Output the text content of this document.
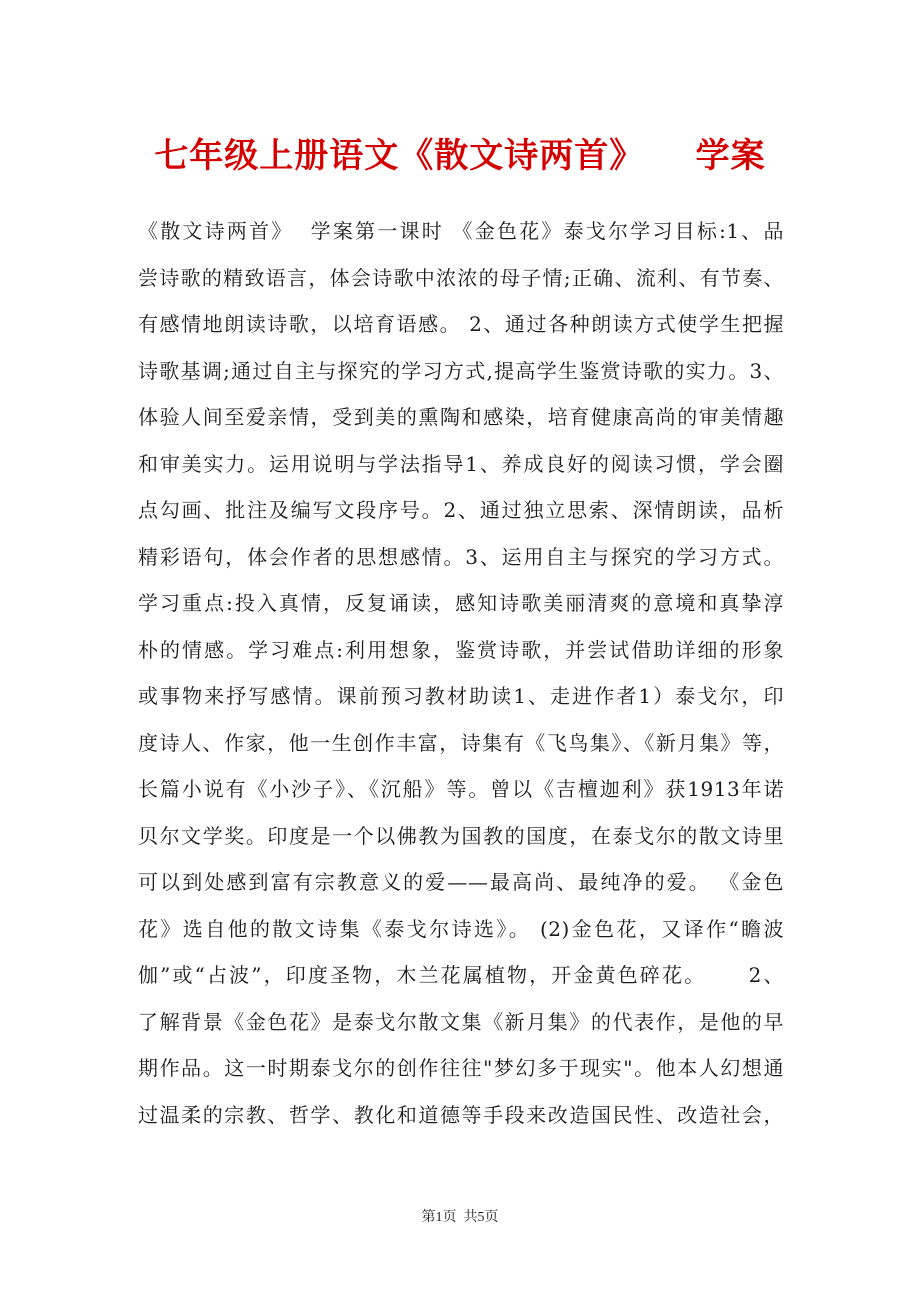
七年级上册语文《散文诗两首》    学案
《散文诗两首》  学案第一课时 《金色花》泰戈尔学习目标:1、品
尝诗歌的精致语言，体会诗歌中浓浓的母子情;正确、流利、有节奏、
有感情地朗读诗歌，以培育语感。 2、通过各种朗读方式使学生把握
诗歌基调;通过自主与探究的学习方式,提高学生鉴赏诗歌的实力。3、
体验人间至爱亲情，受到美的熏陶和感染，培育健康高尚的审美情趣
和审美实力。运用说明与学法指导1、养成良好的阅读习惯，学会圈
点勾画、批注及编写文段序号。2、通过独立思索、深情朗读，品析
精彩语句，体会作者的思想感情。3、运用自主与探究的学习方式。
学习重点:投入真情，反复诵读，感知诗歌美丽清爽的意境和真挚淳
朴的情感。学习难点:利用想象，鉴赏诗歌，并尝试借助详细的形象
或事物来抒写感情。课前预习教材助读1、走进作者1）泰戈尔，印
度诗人、作家，他一生创作丰富，诗集有《飞鸟集》、《新月集》等，
长篇小说有《小沙子》、《沉船》等。曾以《吉檀迦利》获1913年诺
贝尔文学奖。印度是一个以佛教为国教的国度，在泰戈尔的散文诗里
可以到处感到富有宗教意义的爱——最高尚、最纯净的爱。 《金色
花》选自他的散文诗集《泰戈尔诗选》。 (2)金色花，又译作“瞻波
伽”或“占波”，印度圣物，木兰花属植物，开金黄色碎花。     2、
了解背景《金色花》是泰戈尔散文集《新月集》的代表作，是他的早
期作品。这一时期泰戈尔的创作往往"梦幻多于现实"。他本人幻想通
过温柔的宗教、哲学、教化和道德等手段来改造国民性、改造社会，
第1页  共5页
